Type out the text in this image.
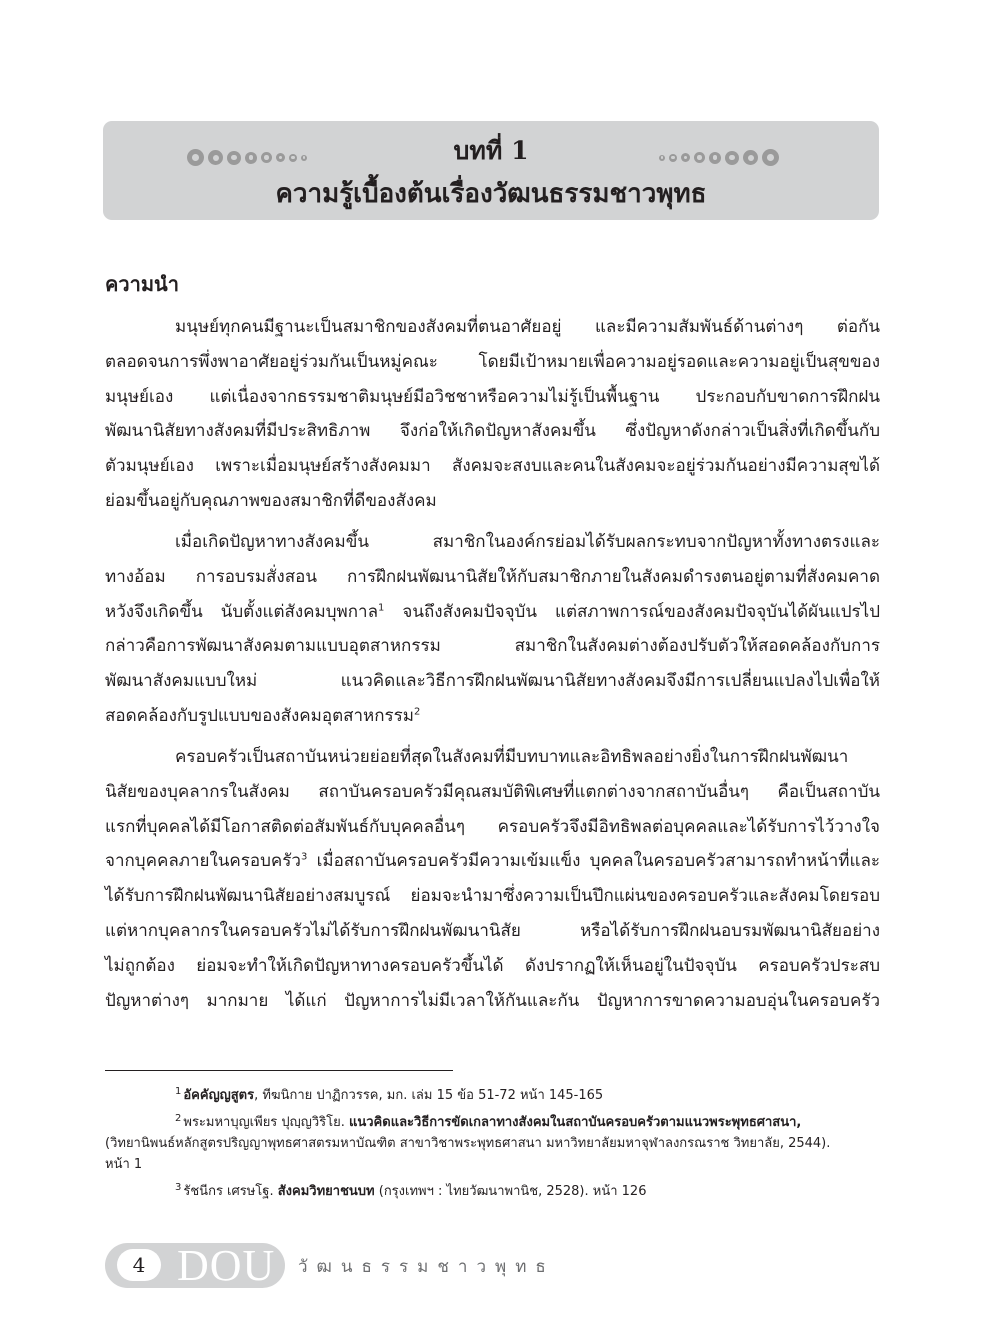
บทที่ 1
ความรู้เบื้องต้นเรื่องวัฒนธรรมชาวพุทธ
ความนำ
มนุษย์ทุกคนมีฐานะเป็นสมาชิกของสังคมที่ตนอาศัยอยู่ และมีความสัมพันธ์ด้านต่างๆ ต่อกัน
ตลอดจนการพึ่งพาอาศัยอยู่ร่วมกันเป็นหมู่คณะ โดยมีเป้าหมายเพื่อความอยู่รอดและความอยู่เป็นสุขของ
มนุษย์เอง แต่เนื่องจากธรรมชาติมนุษย์มีอวิชชาหรือความไม่รู้เป็นพื้นฐาน ประกอบกับขาดการฝึกฝน
พัฒนานิสัยทางสังคมที่มีประสิทธิภาพ จึงก่อให้เกิดปัญหาสังคมขึ้น ซึ่งปัญหาดังกล่าวเป็นสิ่งที่เกิดขึ้นกับ
ตัวมนุษย์เอง เพราะเมื่อมนุษย์สร้างสังคมมา สังคมจะสงบและคนในสังคมจะอยู่ร่วมกันอย่างมีความสุขได้
ย่อมขึ้นอยู่กับคุณภาพของสมาชิกที่ดีของสังคม
เมื่อเกิดปัญหาทางสังคมขึ้น สมาชิกในองค์กรย่อมได้รับผลกระทบจากปัญหาทั้งทางตรงและ
ทางอ้อม การอบรมสั่งสอน การฝึกฝนพัฒนานิสัยให้กับสมาชิกภายในสังคมดำรงตนอยู่ตามที่สังคมคาด
หวังจึงเกิดขึ้น นับตั้งแต่สังคมบุพกาล$^1$ จนถึงสังคมปัจจุบัน แต่สภาพการณ์ของสังคมปัจจุบันได้ผันแปรไป
กล่าวคือการพัฒนาสังคมตามแบบอุตสาหกรรม สมาชิกในสังคมต่างต้องปรับตัวให้สอดคล้องกับการ
พัฒนาสังคมแบบใหม่ แนวคิดและวิธีการฝึกฝนพัฒนานิสัยทางสังคมจึงมีการเปลี่ยนแปลงไปเพื่อให้
สอดคล้องกับรูปแบบของสังคมอุตสาหกรรม$^2$
ครอบครัวเป็นสถาบันหน่วยย่อยที่สุดในสังคมที่มีบทบาทและอิทธิพลอย่างยิ่งในการฝึกฝนพัฒนา
นิสัยของบุคลากรในสังคม สถาบันครอบครัวมีคุณสมบัติพิเศษที่แตกต่างจากสถาบันอื่นๆ คือเป็นสถาบัน
แรกที่บุคคลได้มีโอกาสติดต่อสัมพันธ์กับบุคคลอื่นๆ ครอบครัวจึงมีอิทธิพลต่อบุคคลและได้รับการไว้วางใจ
จากบุคคลภายในครอบครัว$^3$ เมื่อสถาบันครอบครัวมีความเข้มแข็ง บุคคลในครอบครัวสามารถทำหน้าที่และ
ได้รับการฝึกฝนพัฒนานิสัยอย่างสมบูรณ์ ย่อมจะนำมาซึ่งความเป็นปึกแผ่นของครอบครัวและสังคมโดยรอบ
แต่หากบุคลากรในครอบครัวไม่ได้รับการฝึกฝนพัฒนานิสัย หรือได้รับการฝึกฝนอบรมพัฒนานิสัยอย่าง
ไม่ถูกต้อง ย่อมจะทำให้เกิดปัญหาทางครอบครัวขึ้นได้ ดังปรากฏให้เห็นอยู่ในปัจจุบัน ครอบครัวประสบ
ปัญหาต่างๆ มากมาย ได้แก่ ปัญหาการไม่มีเวลาให้กันและกัน ปัญหาการขาดความอบอุ่นในครอบครัว
$^1$ อัคคัญญสูตร, ทีฆนิกาย ปาฏิกวรรค, มก. เล่ม 15 ข้อ 51-72 หน้า 145-165
$^2$ พระมหาบุญเพียร ปุญฺญวิริโย. แนวคิดและวิธีการขัดเกลาทางสังคมในสถาบันครอบครัวตามแนวพระพุทธศาสนา,
(วิทยานิพนธ์หลักสูตรปริญญาพุทธศาสตรมหาบัณฑิต สาขาวิชาพระพุทธศาสนา มหาวิทยาลัยมหาจุฬาลงกรณราช วิทยาลัย, 2544).
หน้า 1
$^3$ รัชนีกร เศรษโฐ. สังคมวิทยาชนบท (กรุงเทพฯ : ไทยวัฒนาพานิช, 2528). หน้า 126
4 DOU วัฒนธรรมชาวพุทธ
